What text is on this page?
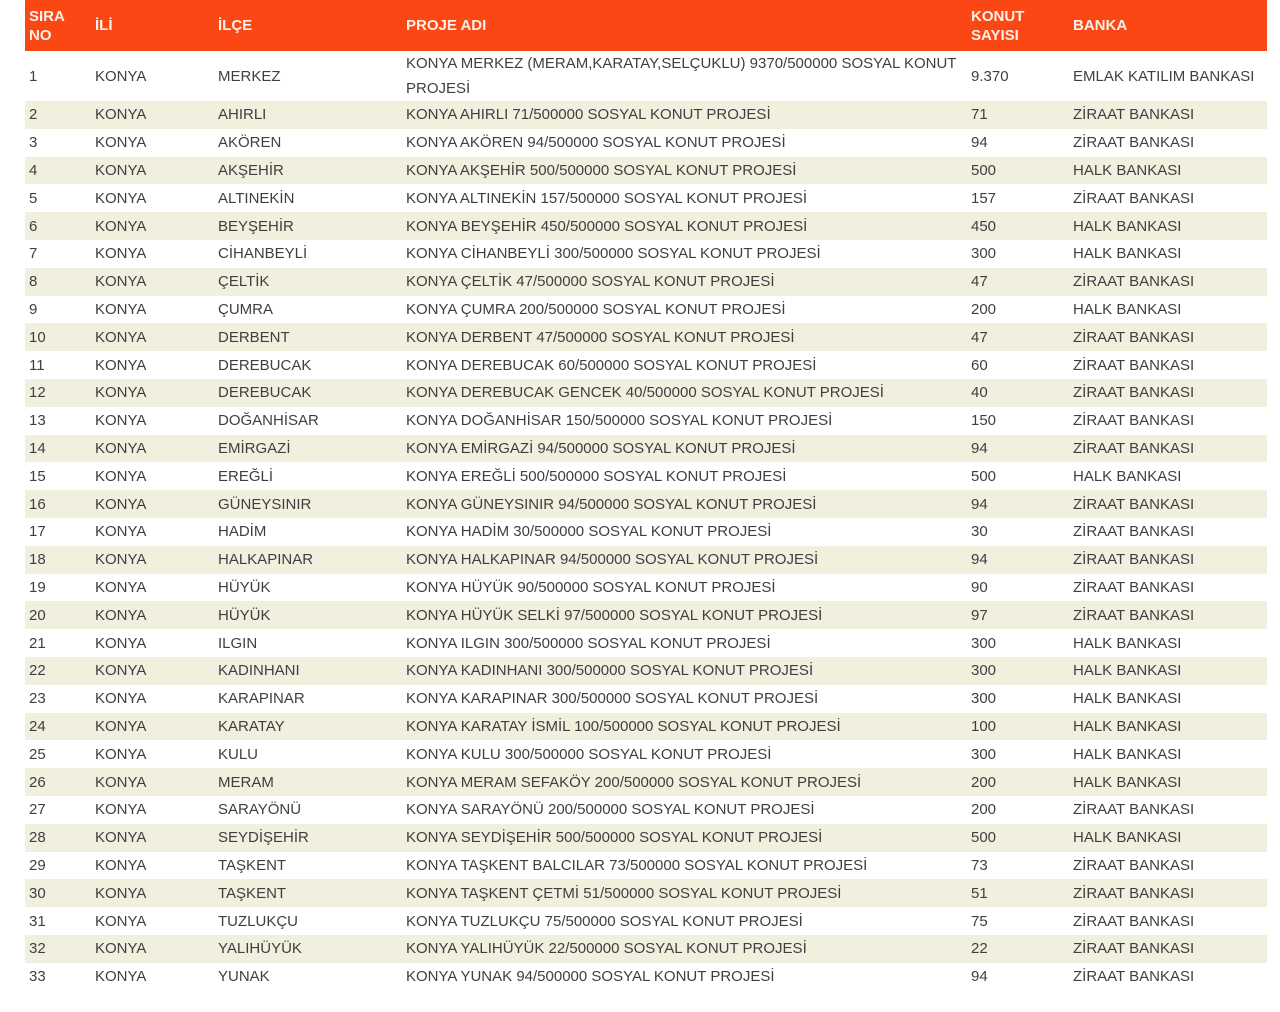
SIRA NO	İLİ	İLÇE	PROJE ADI	KONUT SAYISI	BANKA
1	KONYA	MERKEZ	KONYA MERKEZ (MERAM,KARATAY,SELÇUKLU) 9370/500000 SOSYAL KONUT PROJESİ	9.370	EMLAK KATILIM BANKASI
2	KONYA	AHIRLI	KONYA AHIRLI 71/500000 SOSYAL KONUT PROJESİ	71	ZİRAAT BANKASI
3	KONYA	AKÖREN	KONYA AKÖREN 94/500000 SOSYAL KONUT PROJESİ	94	ZİRAAT BANKASI
4	KONYA	AKŞEHİR	KONYA AKŞEHİR 500/500000 SOSYAL KONUT PROJESİ	500	HALK BANKASI
5	KONYA	ALTINEKİN	KONYA ALTINEKİN 157/500000 SOSYAL KONUT PROJESİ	157	ZİRAAT BANKASI
6	KONYA	BEYŞEHİR	KONYA BEYŞEHİR 450/500000 SOSYAL KONUT PROJESİ	450	HALK BANKASI
7	KONYA	CİHANBEYLİ	KONYA CİHANBEYLİ 300/500000 SOSYAL KONUT PROJESİ	300	HALK BANKASI
8	KONYA	ÇELTİK	KONYA ÇELTİK 47/500000 SOSYAL KONUT PROJESİ	47	ZİRAAT BANKASI
9	KONYA	ÇUMRA	KONYA ÇUMRA 200/500000 SOSYAL KONUT PROJESİ	200	HALK BANKASI
10	KONYA	DERBENT	KONYA DERBENT 47/500000 SOSYAL KONUT PROJESİ	47	ZİRAAT BANKASI
11	KONYA	DEREBUCAK	KONYA DEREBUCAK 60/500000 SOSYAL KONUT PROJESİ	60	ZİRAAT BANKASI
12	KONYA	DEREBUCAK	KONYA DEREBUCAK GENCEK 40/500000 SOSYAL KONUT PROJESİ	40	ZİRAAT BANKASI
13	KONYA	DOĞANHİSAR	KONYA DOĞANHİSAR 150/500000 SOSYAL KONUT PROJESİ	150	ZİRAAT BANKASI
14	KONYA	EMİRGAZİ	KONYA EMİRGAZİ 94/500000 SOSYAL KONUT PROJESİ	94	ZİRAAT BANKASI
15	KONYA	EREĞLİ	KONYA EREĞLİ 500/500000 SOSYAL KONUT PROJESİ	500	HALK BANKASI
16	KONYA	GÜNEYSINIR	KONYA GÜNEYSINIR 94/500000 SOSYAL KONUT PROJESİ	94	ZİRAAT BANKASI
17	KONYA	HADİM	KONYA HADİM 30/500000 SOSYAL KONUT PROJESİ	30	ZİRAAT BANKASI
18	KONYA	HALKAPINAR	KONYA HALKAPINAR 94/500000 SOSYAL KONUT PROJESİ	94	ZİRAAT BANKASI
19	KONYA	HÜYÜK	KONYA HÜYÜK 90/500000 SOSYAL KONUT PROJESİ	90	ZİRAAT BANKASI
20	KONYA	HÜYÜK	KONYA HÜYÜK SELKİ 97/500000 SOSYAL KONUT PROJESİ	97	ZİRAAT BANKASI
21	KONYA	ILGIN	KONYA ILGIN 300/500000 SOSYAL KONUT PROJESİ	300	HALK BANKASI
22	KONYA	KADINHANI	KONYA KADINHANI 300/500000 SOSYAL KONUT PROJESİ	300	HALK BANKASI
23	KONYA	KARAPINAR	KONYA KARAPINAR 300/500000 SOSYAL KONUT PROJESİ	300	HALK BANKASI
24	KONYA	KARATAY	KONYA KARATAY İSMİL 100/500000 SOSYAL KONUT PROJESİ	100	HALK BANKASI
25	KONYA	KULU	KONYA KULU 300/500000 SOSYAL KONUT PROJESİ	300	HALK BANKASI
26	KONYA	MERAM	KONYA MERAM SEFAKÖY 200/500000 SOSYAL KONUT PROJESİ	200	HALK BANKASI
27	KONYA	SARAYÖNÜ	KONYA SARAYÖNÜ 200/500000 SOSYAL KONUT PROJESİ	200	ZİRAAT BANKASI
28	KONYA	SEYDİŞEHİR	KONYA SEYDİŞEHİR 500/500000 SOSYAL KONUT PROJESİ	500	HALK BANKASI
29	KONYA	TAŞKENT	KONYA TAŞKENT BALCILAR 73/500000 SOSYAL KONUT PROJESİ	73	ZİRAAT BANKASI
30	KONYA	TAŞKENT	KONYA TAŞKENT ÇETMİ 51/500000 SOSYAL KONUT PROJESİ	51	ZİRAAT BANKASI
31	KONYA	TUZLUKÇU	KONYA TUZLUKÇU 75/500000 SOSYAL KONUT PROJESİ	75	ZİRAAT BANKASI
32	KONYA	YALIHÜYÜK	KONYA YALIHÜYÜK 22/500000 SOSYAL KONUT PROJESİ	22	ZİRAAT BANKASI
33	KONYA	YUNAK	KONYA YUNAK 94/500000 SOSYAL KONUT PROJESİ	94	ZİRAAT BANKASI
